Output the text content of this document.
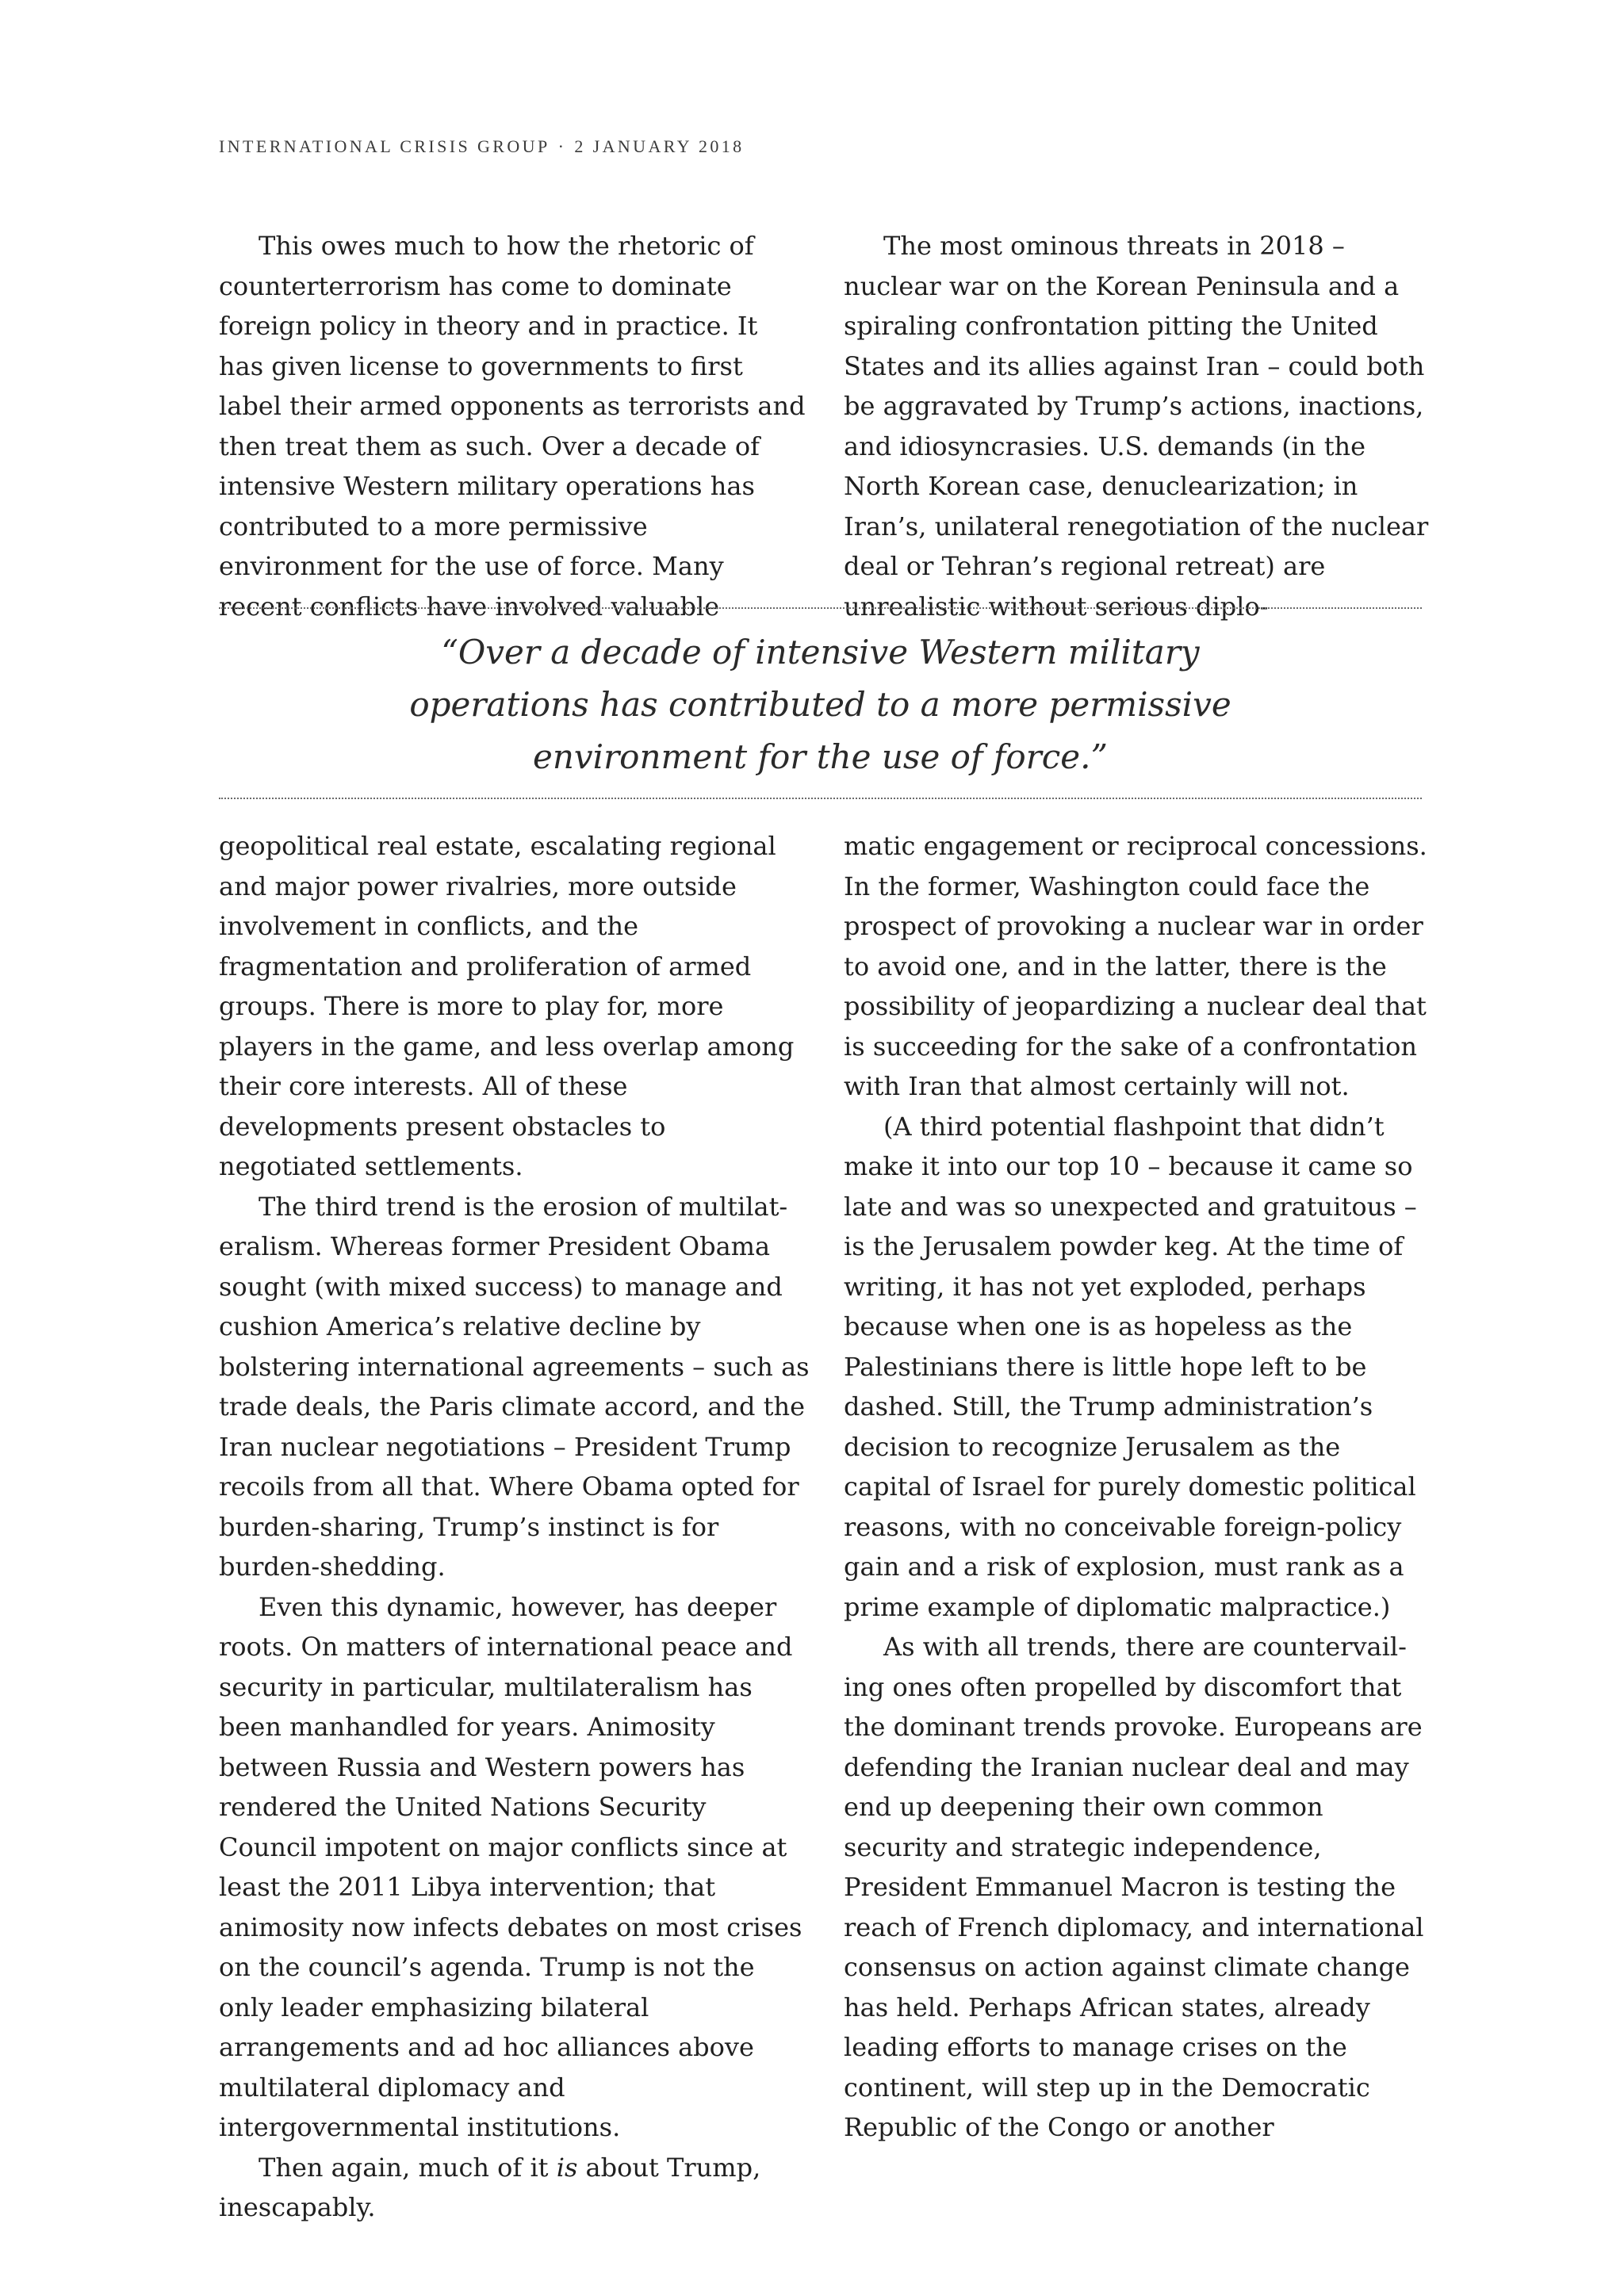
INTERNATIONAL CRISIS GROUP · 2 JANUARY 2018

This owes much to how the rhetoric of counterterrorism has come to dominate foreign policy in theory and in practice. It has given license to governments to first label their armed opponents as terrorists and then treat them as such. Over a decade of intensive Western military operations has contributed to a more permissive environment for the use of force. Many recent conflicts have involved valuable

The most ominous threats in 2018 – nuclear war on the Korean Peninsula and a spiraling confrontation pitting the United States and its allies against Iran – could both be aggravated by Trump’s actions, inactions, and idiosyncrasies. U.S. demands (in the North Korean case, denuclearization; in Iran’s, unilateral renegotiation of the nuclear deal or Tehran’s regional retreat) are unrealistic without serious diplo-

“Over a decade of intensive Western military
operations has contributed to a more permissive
environment for the use of force.”

geopolitical real estate, escalating regional and major power rivalries, more outside involvement in conflicts, and the fragmentation and proliferation of armed groups. There is more to play for, more players in the game, and less overlap among their core interests. All of these developments present obstacles to negotiated settlements.

The third trend is the erosion of multilateralism. Whereas former President Obama sought (with mixed success) to manage and cushion America’s relative decline by bolstering international agreements – such as trade deals, the Paris climate accord, and the Iran nuclear negotiations – President Trump recoils from all that. Where Obama opted for burden-sharing, Trump’s instinct is for burden-shedding.

Even this dynamic, however, has deeper roots. On matters of international peace and security in particular, multilateralism has been manhandled for years. Animosity between Russia and Western powers has rendered the United Nations Security Council impotent on major conflicts since at least the 2011 Libya intervention; that animosity now infects debates on most crises on the council’s agenda. Trump is not the only leader emphasizing bilateral arrangements and ad hoc alliances above multilateral diplomacy and intergovernmental institutions.

Then again, much of it is about Trump, inescapably.

matic engagement or reciprocal concessions. In the former, Washington could face the prospect of provoking a nuclear war in order to avoid one, and in the latter, there is the possibility of jeopardizing a nuclear deal that is succeeding for the sake of a confrontation with Iran that almost certainly will not.

(A third potential flashpoint that didn’t make it into our top 10 – because it came so late and was so unexpected and gratuitous – is the Jerusalem powder keg. At the time of writing, it has not yet exploded, perhaps because when one is as hopeless as the Palestinians there is little hope left to be dashed. Still, the Trump administration’s decision to recognize Jerusalem as the capital of Israel for purely domestic political reasons, with no conceivable foreign-policy gain and a risk of explosion, must rank as a prime example of diplomatic malpractice.)

As with all trends, there are countervailing ones often propelled by discomfort that the dominant trends provoke. Europeans are defending the Iranian nuclear deal and may end up deepening their own common security and strategic independence, President Emmanuel Macron is testing the reach of French diplomacy, and international consensus on action against climate change has held. Perhaps African states, already leading efforts to manage crises on the continent, will step up in the Democratic Republic of the Congo or another
